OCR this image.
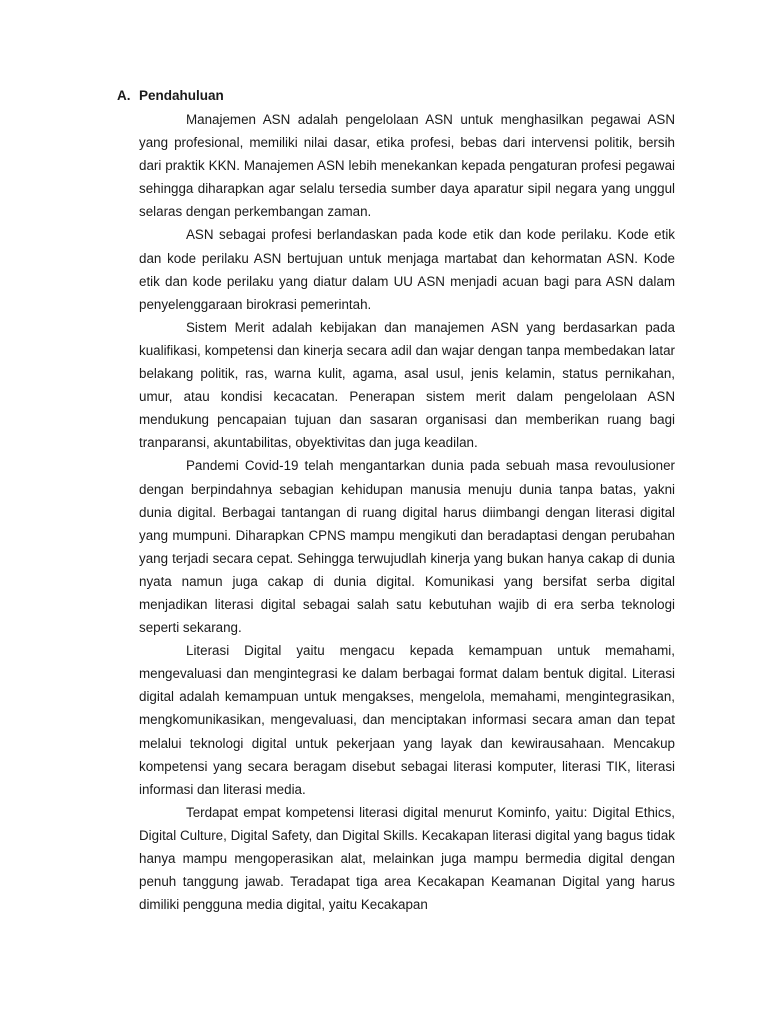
A. Pendahuluan

Manajemen ASN adalah pengelolaan ASN untuk menghasilkan pegawai ASN yang profesional, memiliki nilai dasar, etika profesi, bebas dari intervensi politik, bersih dari praktik KKN. Manajemen ASN lebih menekankan kepada pengaturan profesi pegawai sehingga diharapkan agar selalu tersedia sumber daya aparatur sipil negara yang unggul selaras dengan perkembangan zaman.

ASN sebagai profesi berlandaskan pada kode etik dan kode perilaku. Kode etik dan kode perilaku ASN bertujuan untuk menjaga martabat dan kehormatan ASN. Kode etik dan kode perilaku yang diatur dalam UU ASN menjadi acuan bagi para ASN dalam penyelenggaraan birokrasi pemerintah.

Sistem Merit adalah kebijakan dan manajemen ASN yang berdasarkan pada kualifikasi, kompetensi dan kinerja secara adil dan wajar dengan tanpa membedakan latar belakang politik, ras, warna kulit, agama, asal usul, jenis kelamin, status pernikahan, umur, atau kondisi kecacatan. Penerapan sistem merit dalam pengelolaan ASN mendukung pencapaian tujuan dan sasaran organisasi dan memberikan ruang bagi tranparansi, akuntabilitas, obyektivitas dan juga keadilan.

Pandemi Covid-19 telah mengantarkan dunia pada sebuah masa revoulusioner dengan berpindahnya sebagian kehidupan manusia menuju dunia tanpa batas, yakni dunia digital. Berbagai tantangan di ruang digital harus diimbangi dengan literasi digital yang mumpuni. Diharapkan CPNS mampu mengikuti dan beradaptasi dengan perubahan yang terjadi secara cepat. Sehingga terwujudlah kinerja yang bukan hanya cakap di dunia nyata namun juga cakap di dunia digital. Komunikasi yang bersifat serba digital menjadikan literasi digital sebagai salah satu kebutuhan wajib di era serba teknologi seperti sekarang.

Literasi Digital yaitu mengacu kepada kemampuan untuk memahami, mengevaluasi dan mengintegrasi ke dalam berbagai format dalam bentuk digital. Literasi digital adalah kemampuan untuk mengakses, mengelola, memahami, mengintegrasikan, mengkomunikasikan, mengevaluasi, dan menciptakan informasi secara aman dan tepat melalui teknologi digital untuk pekerjaan yang layak dan kewirausahaan. Mencakup kompetensi yang secara beragam disebut sebagai literasi komputer, literasi TIK, literasi informasi dan literasi media.

Terdapat empat kompetensi literasi digital menurut Kominfo, yaitu: Digital Ethics, Digital Culture, Digital Safety, dan Digital Skills. Kecakapan literasi digital yang bagus tidak hanya mampu mengoperasikan alat, melainkan juga mampu bermedia digital dengan penuh tanggung jawab. Teradapat tiga area Kecakapan Keamanan Digital yang harus dimiliki pengguna media digital, yaitu Kecakapan
